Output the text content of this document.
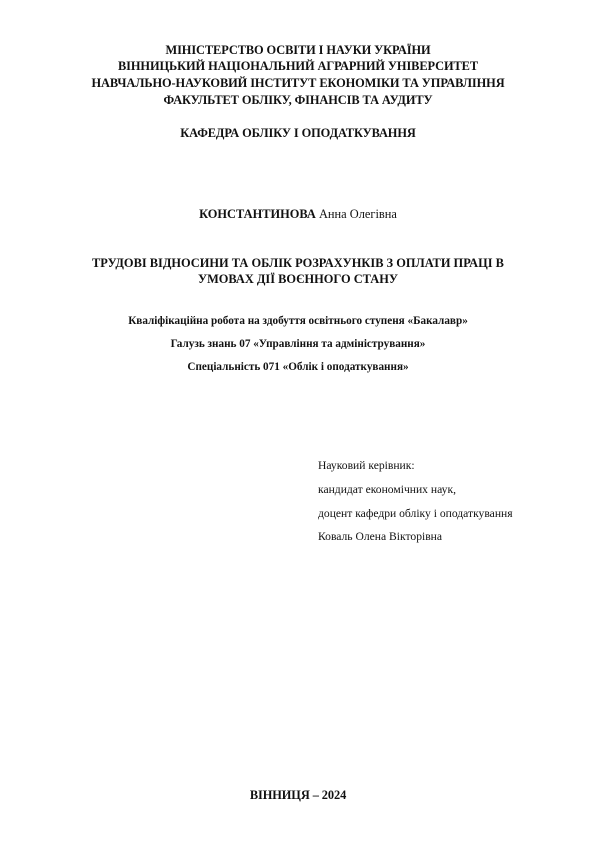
МІНІСТЕРСТВО ОСВІТИ І НАУКИ УКРАЇНИ
ВІННИЦЬКИЙ НАЦІОНАЛЬНИЙ АГРАРНИЙ УНІВЕРСИТЕТ
НАВЧАЛЬНО-НАУКОВИЙ ІНСТИТУТ ЕКОНОМІКИ ТА УПРАВЛІННЯ
ФАКУЛЬТЕТ ОБЛІКУ, ФІНАНСІВ ТА АУДИТУ
КАФЕДРА ОБЛІКУ І ОПОДАТКУВАННЯ
КОНСТАНТИНОВА Анна Олегівна
ТРУДОВІ ВІДНОСИНИ ТА ОБЛІК РОЗРАХУНКІВ З ОПЛАТИ ПРАЦІ В
УМОВАХ ДІЇ ВОЄННОГО СТАНУ
Кваліфікаційна робота на здобуття освітнього ступеня «Бакалавр»
Галузь знань 07 «Управління та адміністрування»
Спеціальність 071 «Облік і оподаткування»
Науковий керівник:
кандидат економічних наук,
доцент кафедри обліку і оподаткування
Коваль Олена Вікторівна
ВІННИЦЯ – 2024
